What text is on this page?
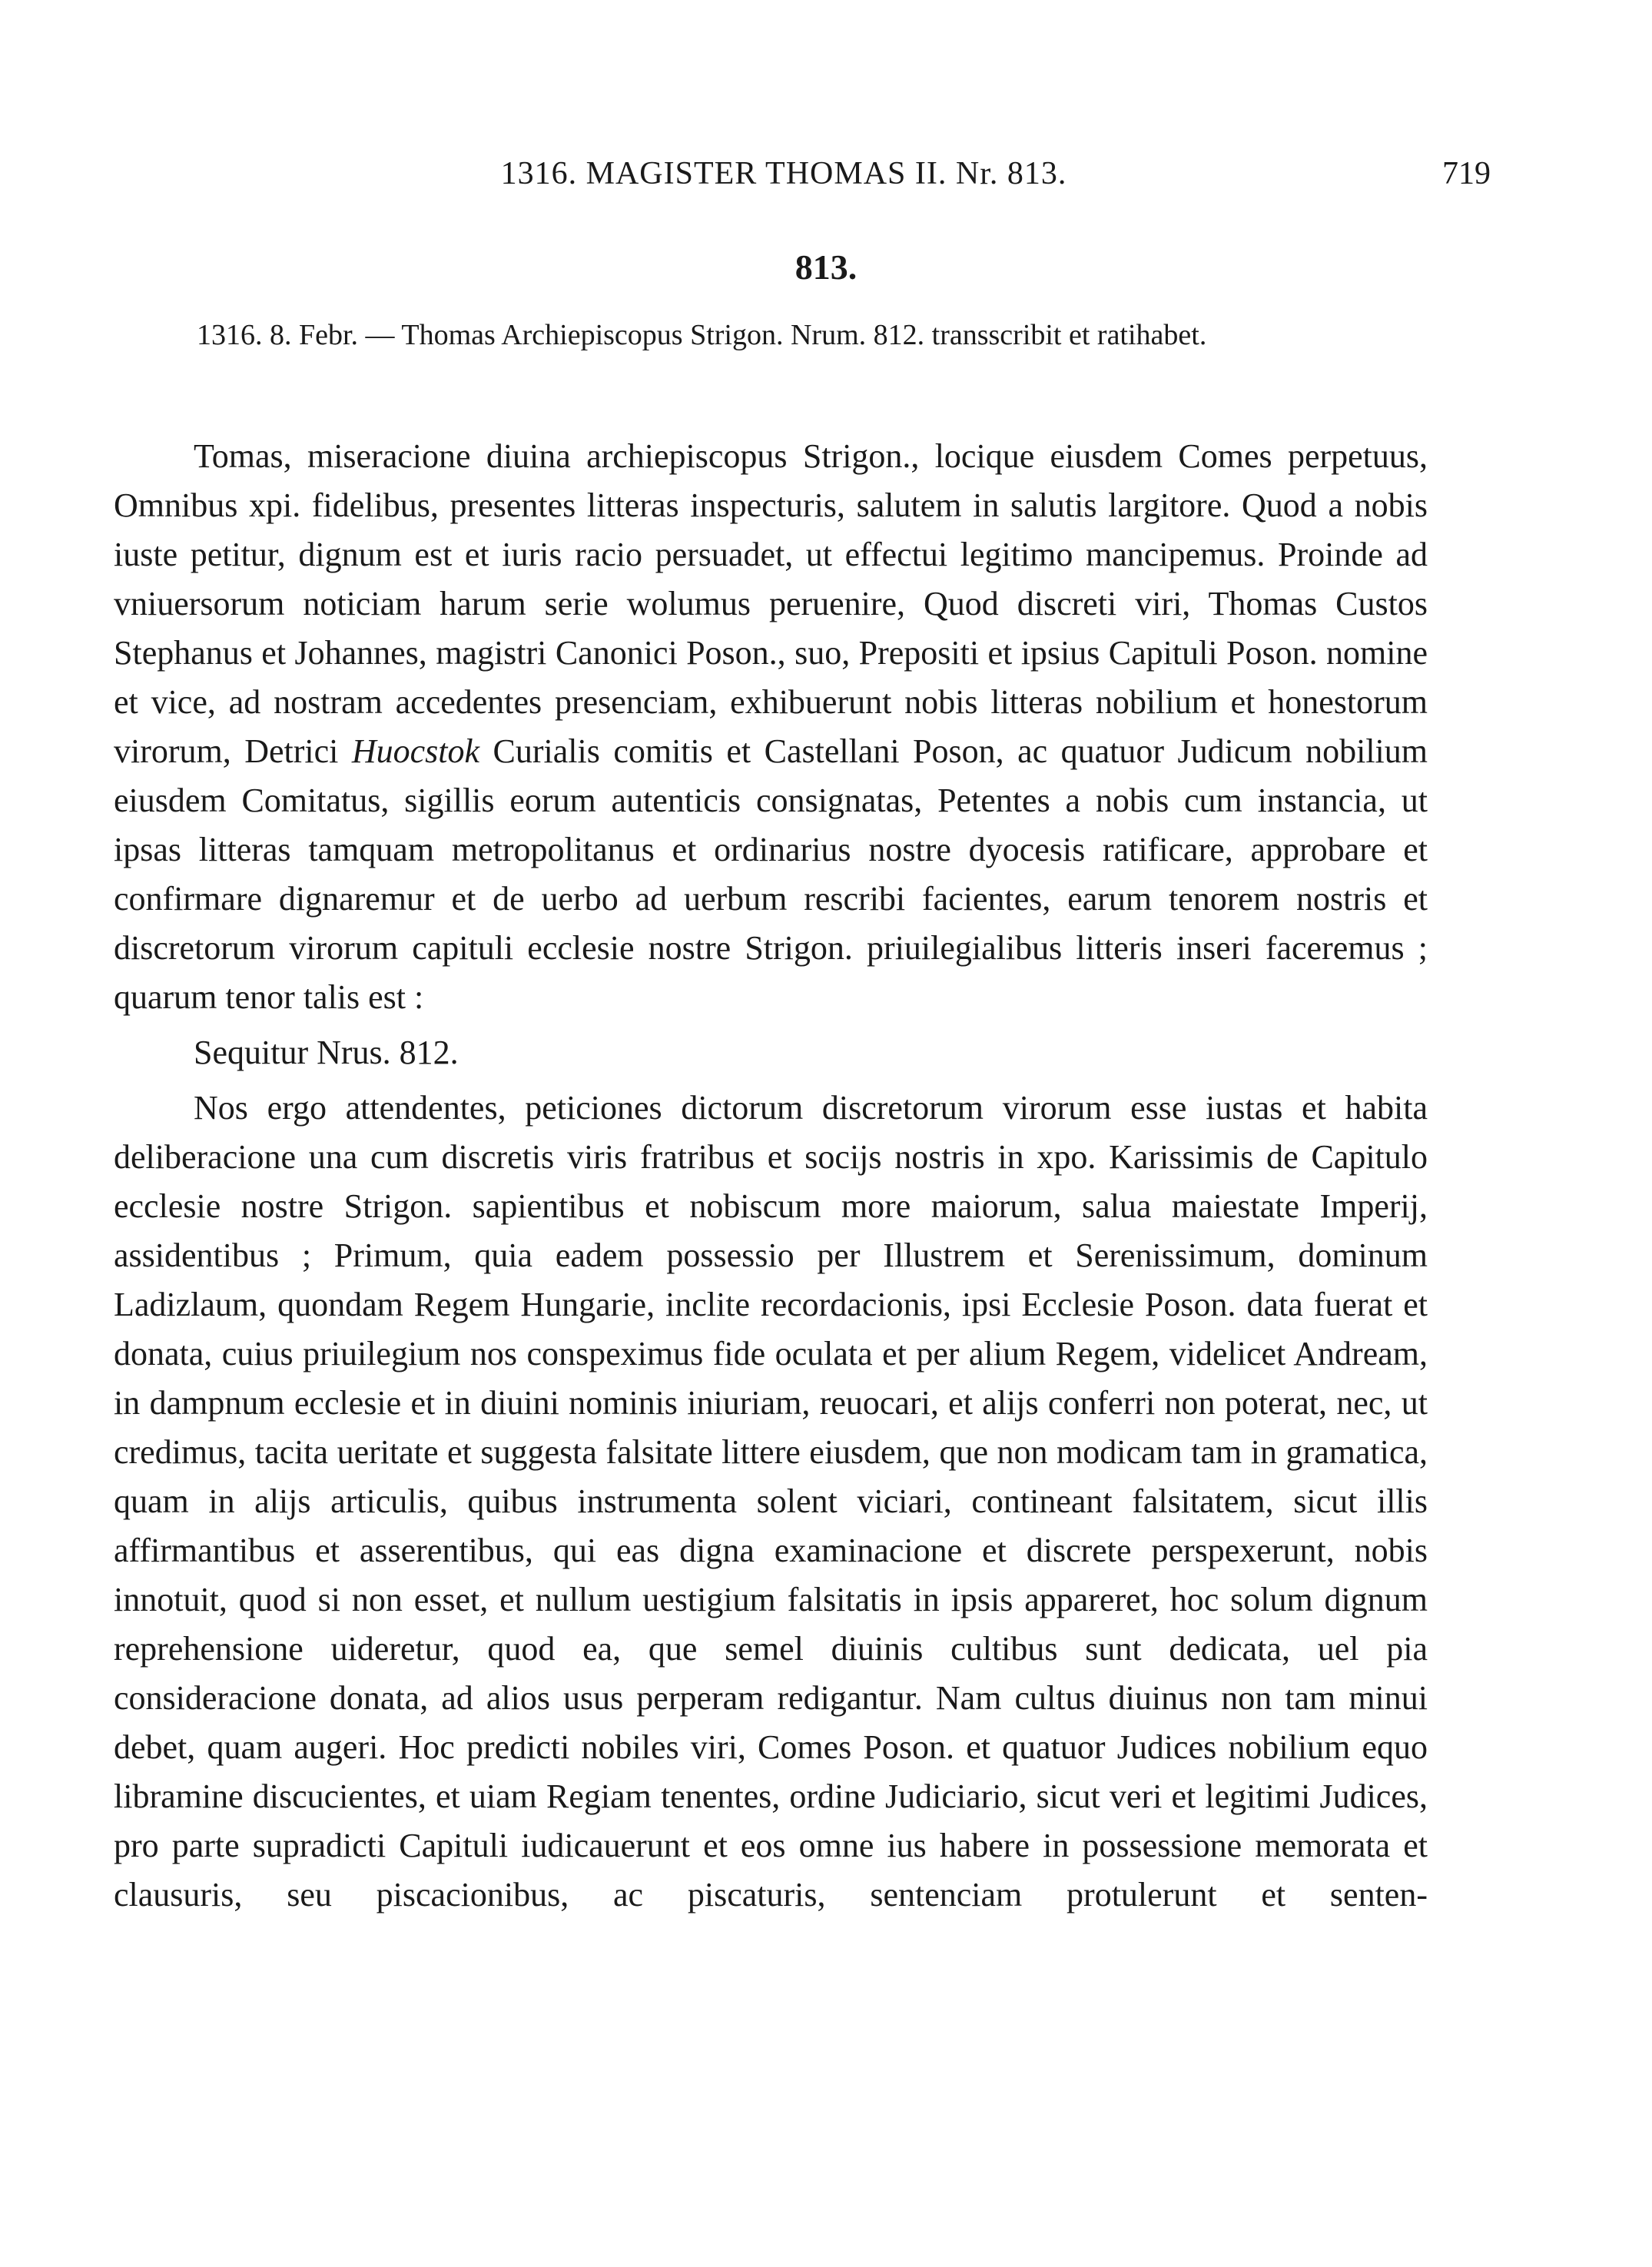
1316. MAGISTER THOMAS II. Nr. 813.	719
813.
1316. 8. Febr. — Thomas Archiepiscopus Strigon. Nrum. 812. transscribit et ratihabet.

Tomas, miseracione diuina archiepiscopus Strigon., locique eiusdem Comes perpetuus, Omnibus xpi. fidelibus, presentes litteras inspecturis, salutem in salutis largitore. Quod a nobis iuste petitur, dignum est et iuris racio persuadet, ut effectui legitimo mancipemus. Proinde ad vniuersorum noticiam harum serie wolumus peruenire, Quod discreti viri, Thomas Custos Stephanus et Johannes, magistri Canonici Poson., suo, Prepositi et ipsius Capituli Poson. nomine et vice, ad nostram accedentes presenciam, exhibuerunt nobis litteras nobilium et honestorum virorum, Detrici Huocstok Curialis comitis et Castellani Poson, ac quatuor Judicum nobilium eiusdem Comitatus, sigillis eorum autenticis consignatas, Petentes a nobis cum instancia, ut ipsas litteras tamquam metropolitanus et ordinarius nostre dyocesis ratificare, approbare et confirmare dignaremur et de uerbo ad uerbum rescribi facientes, earum tenorem nostris et discretorum virorum capituli ecclesie nostre Strigon. priuilegialibus litteris inseri faceremus ; quarum tenor talis est :

Sequitur Nrus. 812.

Nos ergo attendentes, peticiones dictorum discretorum virorum esse iustas et habita deliberacione una cum discretis viris fratribus et socijs nostris in xpo. Karissimis de Capitulo ecclesie nostre Strigon. sapientibus et nobiscum more maiorum, salua maiestate Imperij, assidentibus ; Primum, quia eadem possessio per Illustrem et Serenissimum, dominum Ladizlaum, quondam Regem Hungarie, inclite recordacionis, ipsi Ecclesie Poson. data fuerat et donata, cuius priuilegium nos conspeximus fide oculata et per alium Regem, videlicet Andream, in dampnum ecclesie et in diuini nominis iniuriam, reuocari, et alijs conferri non poterat, nec, ut credimus, tacita ueritate et suggesta falsitate littere eiusdem, que non modicam tam in gramatica, quam in alijs articulis, quibus instrumenta solent viciari, contineant falsitatem, sicut illis affirmantibus et asserentibus, qui eas digna examinacione et discrete perspexerunt, nobis innotuit, quod si non esset, et nullum uestigium falsitatis in ipsis appareret, hoc solum dignum reprehensione uideretur, quod ea, que semel diuinis cultibus sunt dedicata, uel pia consideracione donata, ad alios usus perperam redigantur. Nam cultus diuinus non tam minui debet, quam augeri. Hoc predicti nobiles viri, Comes Poson. et quatuor Judices nobilium equo libramine discucientes, et uiam Regiam tenentes, ordine Judiciario, sicut veri et legitimi Judices, pro parte supradicti Capituli iudicauerunt et eos omne ius habere in possessione memorata et clausuris, seu piscacionibus, ac piscaturis, sentenciam protulerunt et senten-
